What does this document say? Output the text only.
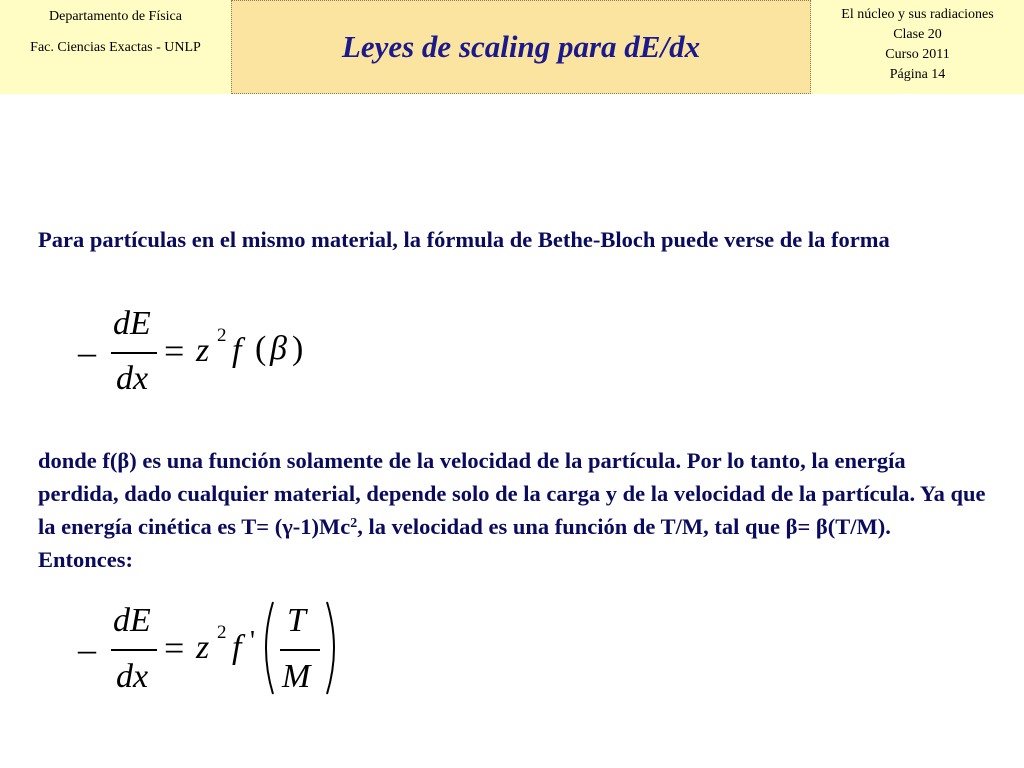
Departamento de Física
Fac. Ciencias Exactas - UNLP	Leyes de scaling para dE/dx
El núcleo y sus radiaciones
Clase 20
Curso 2011
Página 14
Para partículas en el mismo material, la fórmula de Bethe-Bloch puede verse de la forma
–
dE
dx
= z 2 f ( β )
donde f(β) es una función solamente de la velocidad de la partícula. Por lo tanto, la energía perdida, dado cualquier material, depende solo de la carga y de la velocidad de la partícula. Ya que la energía cinética es $T= (\gamma-1)Mc^2$, la velocidad es una función de T/M, tal que β= β(T/M). Entonces:
–
dE
dx
= z 2 f '
T
M
